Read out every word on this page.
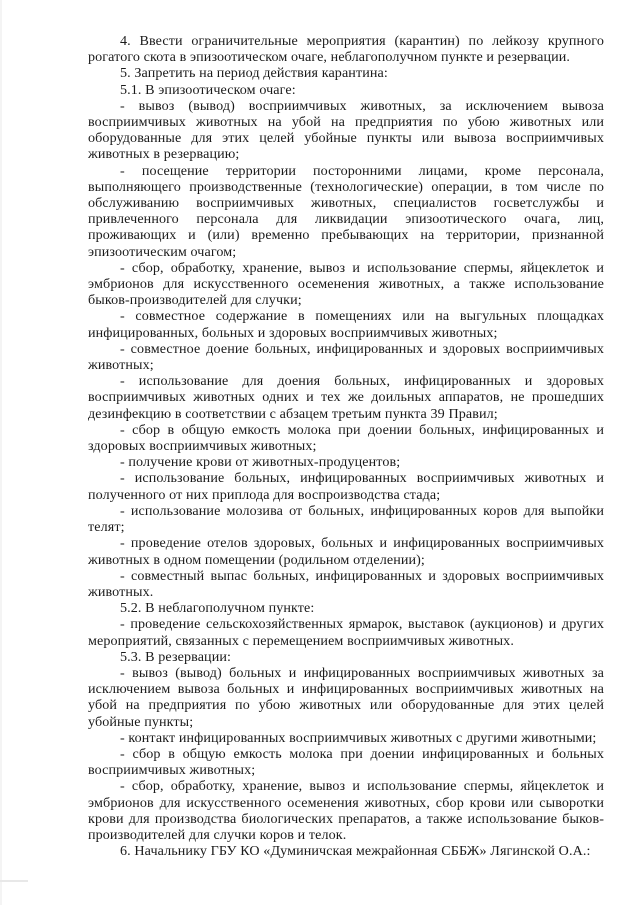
4. Ввести ограничительные мероприятия (карантин) по лейкозу крупного рогатого скота в эпизоотическом очаге, неблагополучном пункте и резервации.

5. Запретить на период действия карантина:

5.1. В эпизоотическом очаге:

- вывоз (вывод) восприимчивых животных, за исключением вывоза восприимчивых животных на убой на предприятия по убою животных или оборудованные для этих целей убойные пункты или вывоза восприимчивых животных в резервацию;

- посещение территории посторонними лицами, кроме персонала, выполняющего производственные (технологические) операции, в том числе по обслуживанию восприимчивых животных, специалистов госветслужбы и привлеченного персонала для ликвидации эпизоотического очага, лиц, проживающих и (или) временно пребывающих на территории, признанной эпизоотическим очагом;

- сбор, обработку, хранение, вывоз и использование спермы, яйцеклеток и эмбрионов для искусственного осеменения животных, а также использование быков-производителей для случки;

- совместное содержание в помещениях или на выгульных площадках инфицированных, больных и здоровых восприимчивых животных;

- совместное доение больных, инфицированных и здоровых восприимчивых животных;

- использование для доения больных, инфицированных и здоровых восприимчивых животных одних и тех же доильных аппаратов, не прошедших дезинфекцию в соответствии с абзацем третьим пункта 39 Правил;

- сбор в общую емкость молока при доении больных, инфицированных и здоровых восприимчивых животных;

- получение крови от животных-продуцентов;

- использование больных, инфицированных восприимчивых животных и полученного от них приплода для воспроизводства стада;

- использование молозива от больных, инфицированных коров для выпойки телят;

- проведение отелов здоровых, больных и инфицированных восприимчивых животных в одном помещении (родильном отделении);

- совместный выпас больных, инфицированных и здоровых восприимчивых животных.

5.2. В неблагополучном пункте:

- проведение сельскохозяйственных ярмарок, выставок (аукционов) и других мероприятий, связанных с перемещением восприимчивых животных.

5.3. В резервации:

- вывоз (вывод) больных и инфицированных восприимчивых животных за исключением вывоза больных и инфицированных восприимчивых животных на убой на предприятия по убою животных или оборудованные для этих целей убойные пункты;

- контакт инфицированных восприимчивых животных с другими животными;

- сбор в общую емкость молока при доении инфицированных и больных восприимчивых животных;

- сбор, обработку, хранение, вывоз и использование спермы, яйцеклеток и эмбрионов для искусственного осеменения животных, сбор крови или сыворотки крови для производства биологических препаратов, а также использование быков-производителей для случки коров и телок.

6. Начальнику ГБУ КО «Думиничская межрайонная СББЖ» Лягинской О.А.:
